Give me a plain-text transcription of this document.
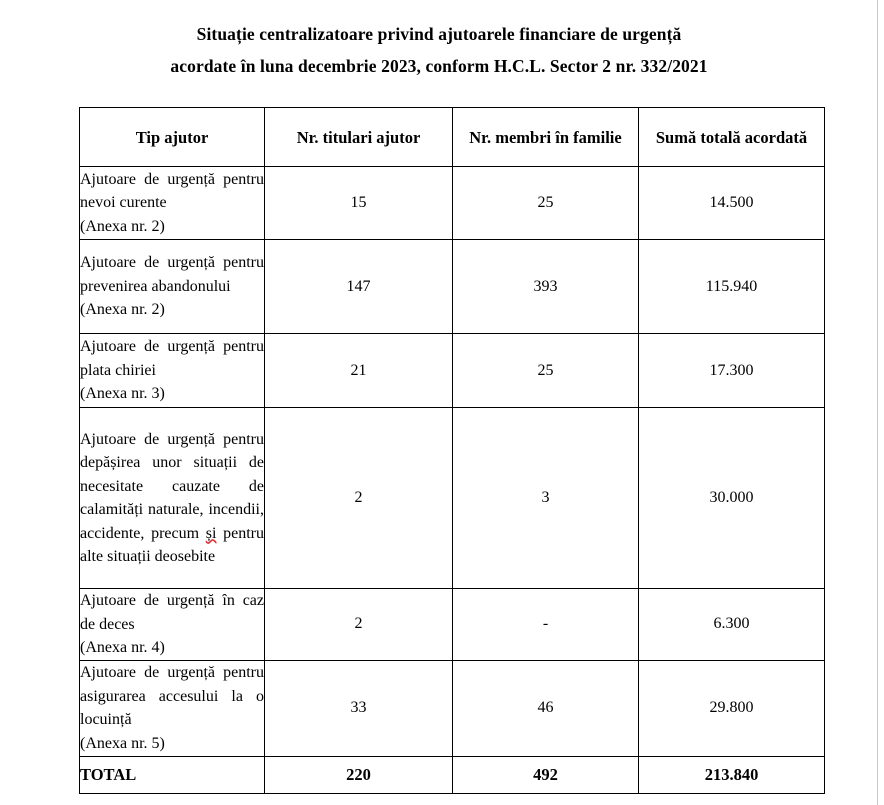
Situație centralizatoare privind ajutoarele financiare de urgență
acordate în luna decembrie 2023, conform H.C.L. Sector 2 nr. 332/2021
Tip ajutor	Nr. titulari ajutor	Nr. membri în familie	Sumă totală acordată

Ajutoare de urgență pentru nevoi curente
(Anexa nr. 2)	15	25	14.500

Ajutoare de urgență pentru prevenirea abandonului
(Anexa nr. 2)	147	393	115.940

Ajutoare de urgență pentru plata chiriei
(Anexa nr. 3)	21	25	17.300

Ajutoare de urgență pentru depășirea unor situații de necesitate cauzate de calamități naturale, incendii, accidente, precum și pentru alte situații deosebite	2	3	30.000

Ajutoare de urgență în caz de deces
(Anexa nr. 4)	2	-	6.300

Ajutoare de urgență pentru asigurarea accesului la o locuință
(Anexa nr. 5)	33	46	29.800
TOTAL	220	492	213.840
